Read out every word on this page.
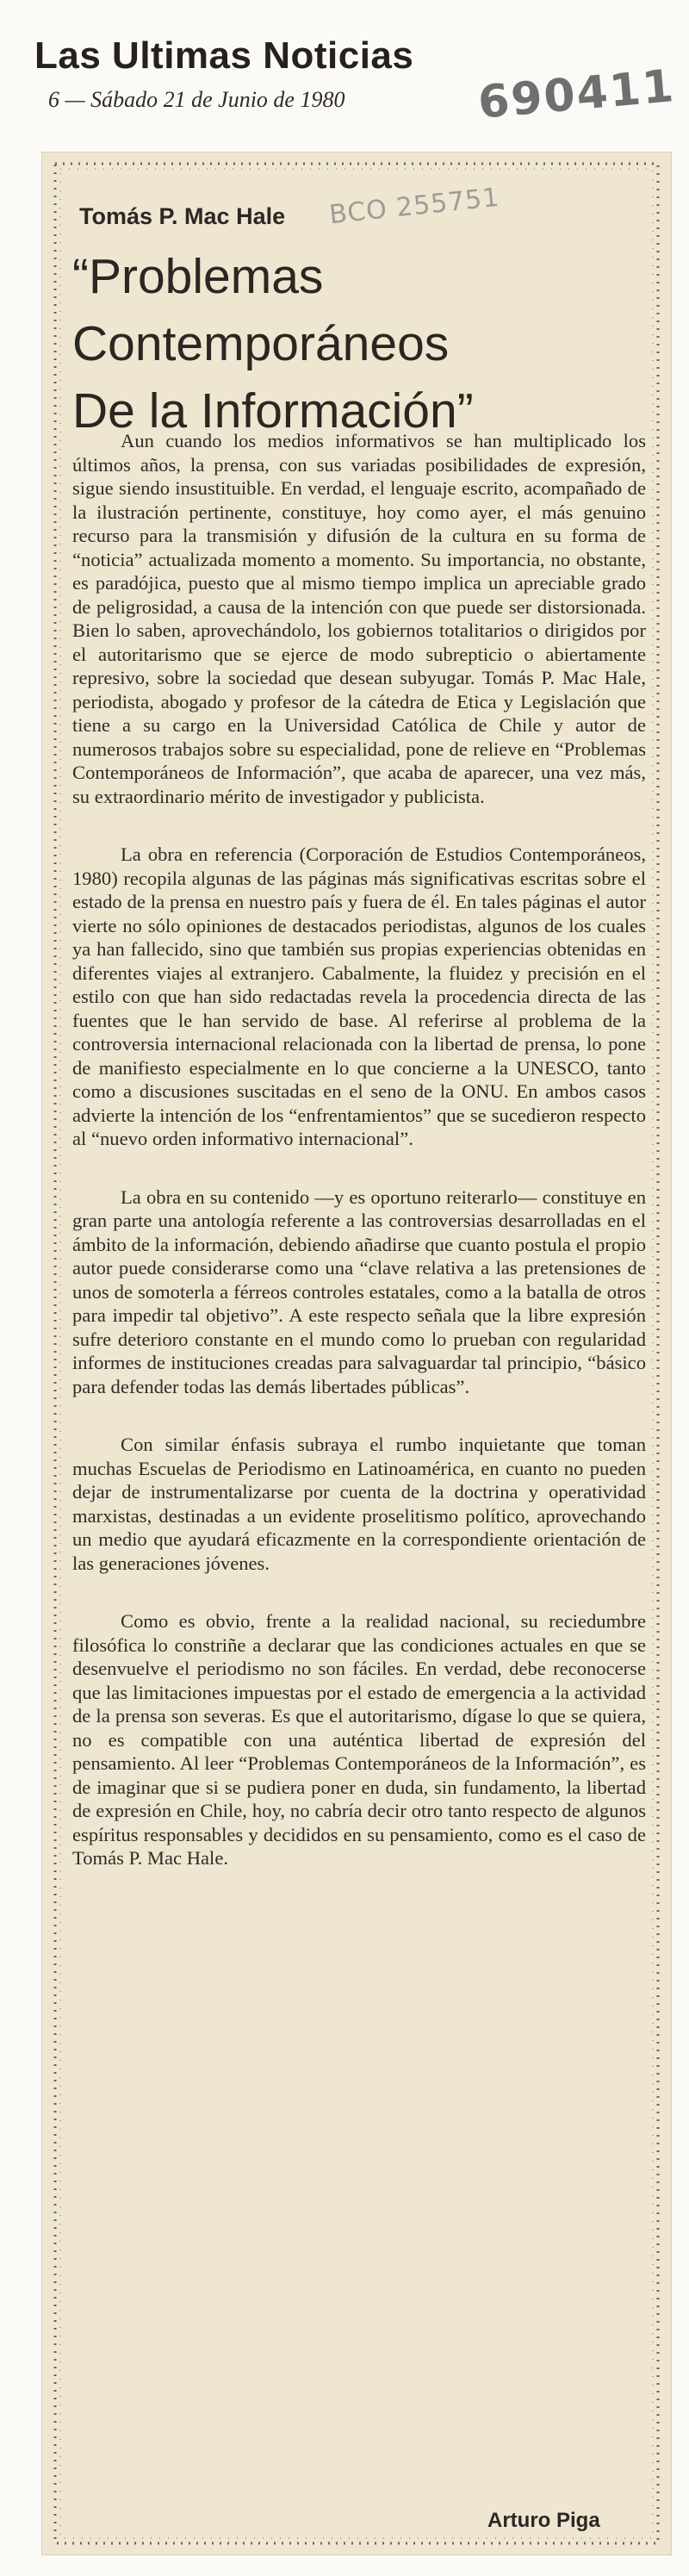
Las Ultimas Noticias
6 — Sábado 21 de Junio de 1980	690411
BCO 255751
Tomás P. Mac Hale
“Problemas
Contemporáneos
De la Información”

Aun cuando los medios informativos se han multiplicado los últimos años, la prensa, con sus variadas posibilidades de expresión, sigue siendo insustituible. En verdad, el lenguaje escrito, acompañado de la ilustración pertinente, constituye, hoy como ayer, el más genuino recurso para la transmisión y difusión de la cultura en su forma de “noticia” actualizada momento a momento. Su importancia, no obstante, es paradójica, puesto que al mismo tiempo implica un apreciable grado de peligrosidad, a causa de la intención con que puede ser distorsionada. Bien lo saben, aprovechándolo, los gobiernos totalitarios o dirigidos por el autoritarismo que se ejerce de modo subrepticio o abiertamente represivo, sobre la sociedad que desean subyugar. Tomás P. Mac Hale, periodista, abogado y profesor de la cátedra de Etica y Legislación que tiene a su cargo en la Universidad Católica de Chile y autor de numerosos trabajos sobre su especialidad, pone de relieve en “Problemas Contemporáneos de Información”, que acaba de aparecer, una vez más, su extraordinario mérito de investigador y publicista.

La obra en referencia (Corporación de Estudios Contemporáneos, 1980) recopila algunas de las páginas más significativas escritas sobre el estado de la prensa en nuestro país y fuera de él. En tales páginas el autor vierte no sólo opiniones de destacados periodistas, algunos de los cuales ya han fallecido, sino que también sus propias experiencias obtenidas en diferentes viajes al extranjero. Cabalmente, la fluidez y precisión en el estilo con que han sido redactadas revela la procedencia directa de las fuentes que le han servido de base. Al referirse al problema de la controversia internacional relacionada con la libertad de prensa, lo pone de manifiesto especialmente en lo que concierne a la UNESCO, tanto como a discusiones suscitadas en el seno de la ONU. En ambos casos advierte la intención de los “enfrentamientos” que se sucedieron respecto al “nuevo orden informativo internacional”.

La obra en su contenido —y es oportuno reiterarlo— constituye en gran parte una antología referente a las controversias desarrolladas en el ámbito de la información, debiendo añadirse que cuanto postula el propio autor puede considerarse como una “clave relativa a las pretensiones de unos de somoterla a férreos controles estatales, como a la batalla de otros para impedir tal objetivo”. A este respecto señala que la libre expresión sufre deterioro constante en el mundo como lo prueban con regularidad informes de instituciones creadas para salvaguardar tal principio, “básico para defender todas las demás libertades públicas”.

Con similar énfasis subraya el rumbo inquietante que toman muchas Escuelas de Periodismo en Latinoamérica, en cuanto no pueden dejar de instrumentalizarse por cuenta de la doctrina y operatividad marxistas, destinadas a un evidente proselitismo político, aprovechando un medio que ayudará eficazmente en la correspondiente orientación de las generaciones jóvenes.

Como es obvio, frente a la realidad nacional, su reciedumbre filosófica lo constriñe a declarar que las condiciones actuales en que se desenvuelve el periodismo no son fáciles. En verdad, debe reconocerse que las limitaciones impuestas por el estado de emergencia a la actividad de la prensa son severas. Es que el autoritarismo, dígase lo que se quiera, no es compatible con una auténtica libertad de expresión del pensamiento. Al leer “Problemas Contemporáneos de la Información”, es de imaginar que si se pudiera poner en duda, sin fundamento, la libertad de expresión en Chile, hoy, no cabría decir otro tanto respecto de algunos espíritus responsables y decididos en su pensamiento, como es el caso de Tomás P. Mac Hale.

Arturo Piga
